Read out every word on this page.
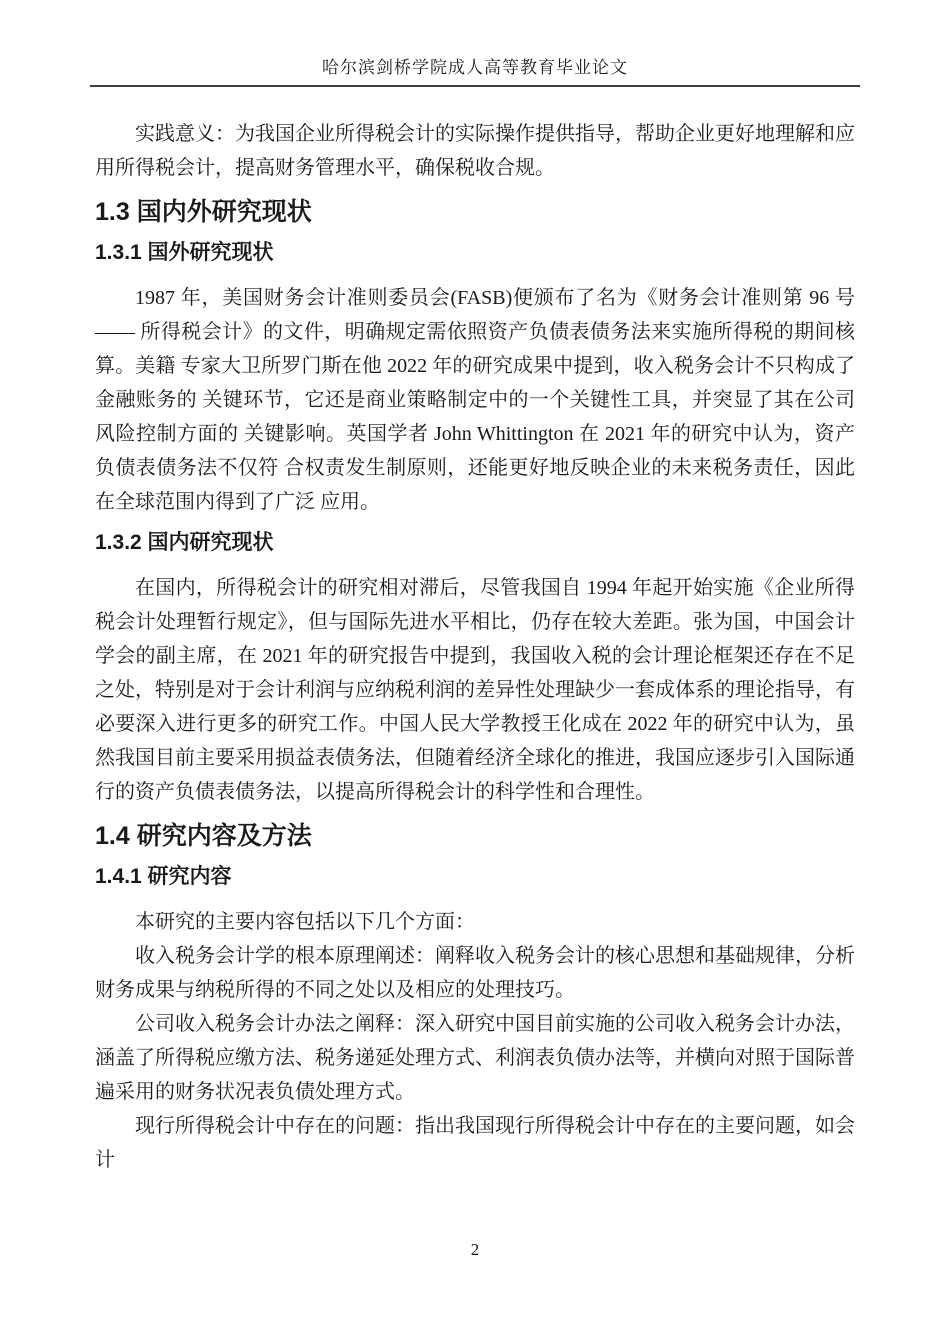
哈尔滨剑桥学院成人高等教育毕业论文

实践意义：为我国企业所得税会计的实际操作提供指导，帮助企业更好地理解和应用所得税会计，提高财务管理水平，确保税收合规。

1.3 国内外研究现状
1.3.1 国外研究现状

1987 年，美国财务会计准则委员会(FASB)便颁布了名为《财务会计准则第 96 号 —— 所得税会计》的文件，明确规定需依照资产负债表债务法来实施所得税的期间核算。美籍 专家大卫所罗门斯在他 2022 年的研究成果中提到，收入税务会计不只构成了金融账务的 关键环节，它还是商业策略制定中的一个关键性工具，并突显了其在公司风险控制方面的 关键影响。英国学者 John Whittington 在 2021 年的研究中认为，资产负债表债务法不仅符 合权责发生制原则，还能更好地反映企业的未来税务责任，因此在全球范围内得到了广泛 应用。

1.3.2 国内研究现状

在国内，所得税会计的研究相对滞后，尽管我国自 1994 年起开始实施《企业所得税会计处理暂行规定》，但与国际先进水平相比，仍存在较大差距。张为国，中国会计学会的副主席，在 2021 年的研究报告中提到，我国收入税的会计理论框架还存在不足之处，特别是对于会计利润与应纳税利润的差异性处理缺少一套成体系的理论指导，有必要深入进行更多的研究工作。中国人民大学教授王化成在 2022 年的研究中认为，虽然我国目前主要采用损益表债务法，但随着经济全球化的推进，我国应逐步引入国际通行的资产负债表债务法，以提高所得税会计的科学性和合理性。

1.4 研究内容及方法
1.4.1 研究内容

本研究的主要内容包括以下几个方面：

收入税务会计学的根本原理阐述：阐释收入税务会计的核心思想和基础规律，分析财务成果与纳税所得的不同之处以及相应的处理技巧。

公司收入税务会计办法之阐释：深入研究中国目前实施的公司收入税务会计办法，涵盖了所得税应缴方法、税务递延处理方式、利润表负债办法等，并横向对照于国际普遍采用的财务状况表负债处理方式。

现行所得税会计中存在的问题：指出我国现行所得税会计中存在的主要问题，如会计

2
